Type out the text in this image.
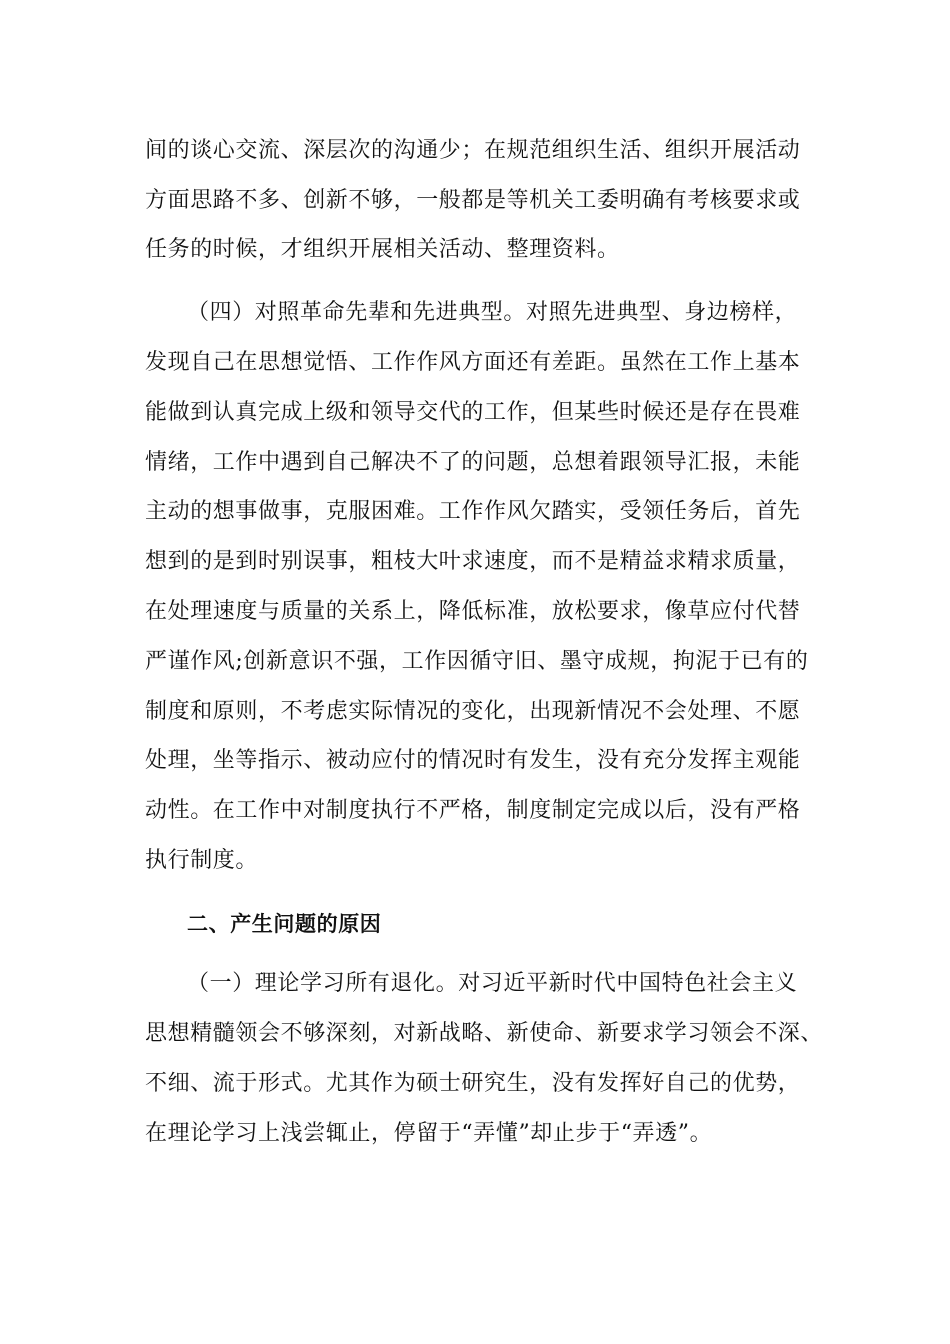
间的谈心交流、深层次的沟通少；在规范组织生活、组织开展活动
方面思路不多、创新不够，一般都是等机关工委明确有考核要求或
任务的时候，才组织开展相关活动、整理资料。
（四）对照革命先辈和先进典型。对照先进典型、身边榜样，
发现自己在思想觉悟、工作作风方面还有差距。虽然在工作上基本
能做到认真完成上级和领导交代的工作，但某些时候还是存在畏难
情绪，工作中遇到自己解决不了的问题，总想着跟领导汇报，未能
主动的想事做事，克服困难。工作作风欠踏实，受领任务后，首先
想到的是到时别误事，粗枝大叶求速度，而不是精益求精求质量，
在处理速度与质量的关系上，降低标准，放松要求，像草应付代替
严谨作风;创新意识不强，工作因循守旧、墨守成规，拘泥于已有的
制度和原则，不考虑实际情况的变化，出现新情况不会处理、不愿
处理，坐等指示、被动应付的情况时有发生，没有充分发挥主观能
动性。在工作中对制度执行不严格，制度制定完成以后，没有严格
执行制度。
二、产生问题的原因
（一）理论学习所有退化。对习近平新时代中国特色社会主义
思想精髓领会不够深刻，对新战略、新使命、新要求学习领会不深、
不细、流于形式。尤其作为硕士研究生，没有发挥好自己的优势，
在理论学习上浅尝辄止，停留于“弄懂”却止步于“弄透”。
